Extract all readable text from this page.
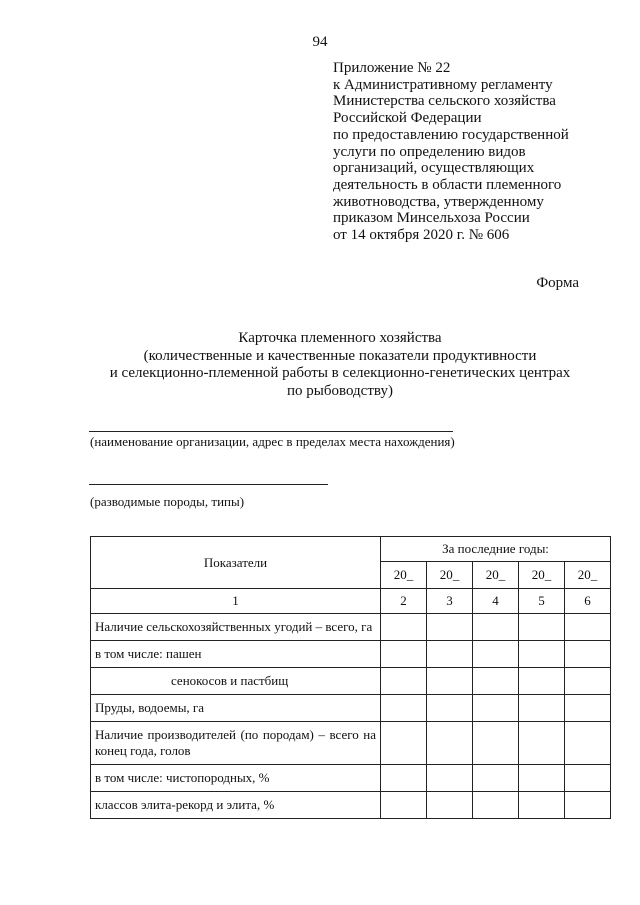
94
Приложение № 22
к Административному регламенту
Министерства сельского хозяйства
Российской Федерации
по предоставлению государственной
услуги по определению видов
организаций, осуществляющих
деятельность в области племенного
животноводства, утвержденному
приказом Минсельхоза России
от 14 октября 2020 г. № 606
Форма
Карточка племенного хозяйства
(количественные и качественные показатели продуктивности
и селекционно-племенной работы в селекционно-генетических центрах
по рыбоводству)
(наименование организации, адрес в пределах места нахождения)
(разводимые породы, типы)
Показатели	За последние годы:				
	20_	20_	20_	20_	20_
1	2	3	4	5	6
Наличие сельскохозяйственных угодий – всего, га					
в том числе: пашен					
сенокосов и пастбищ					
Пруды, водоемы, га					
Наличие производителей (по породам) – всего на конец года, голов					
в том числе: чистопородных, %					
классов элита-рекорд и элита, %					
